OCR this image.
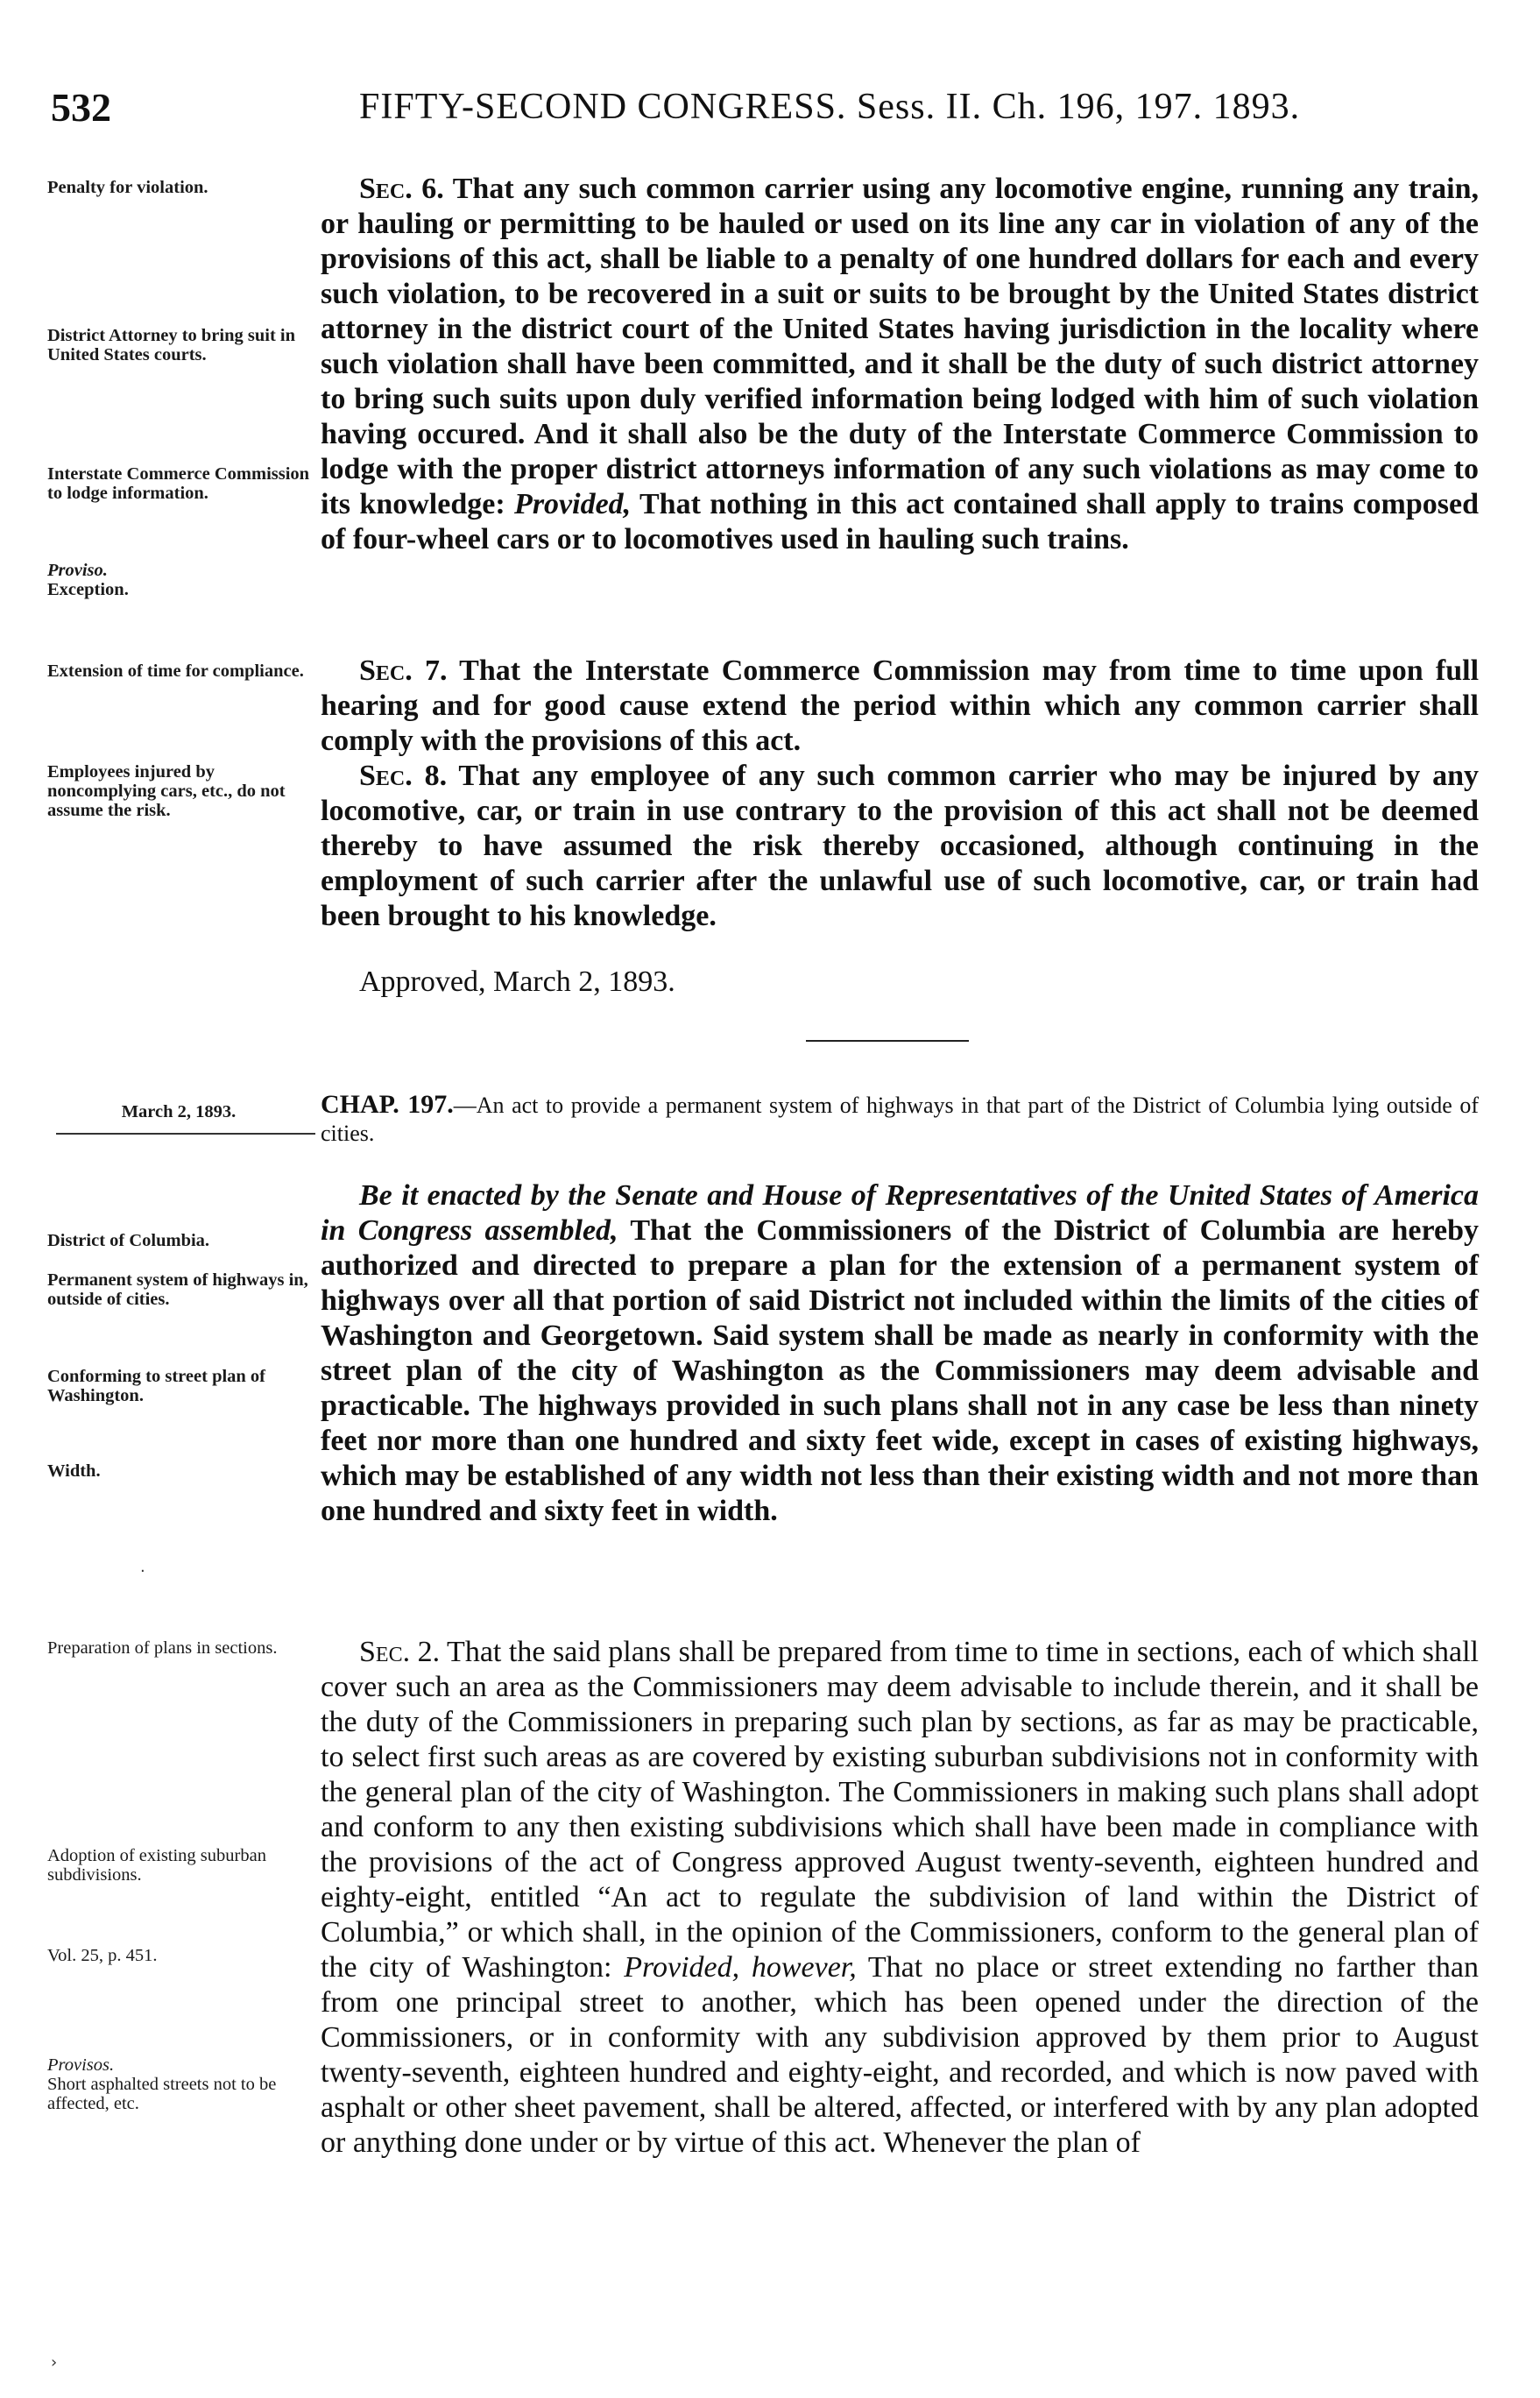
532	FIFTY-SECOND CONGRESS. Sess. II. Ch. 196, 197. 1893.
Penalty for violation.
District Attorney to bring suit in United States courts.
Interstate Commerce Commission to lodge information.
Proviso.
Exception.
Extension of time for compliance.
Employees injured by noncomplying cars, etc., do not assume the risk.
March 2, 1893.
District of Columbia.
Permanent system of highways in, outside of cities.
Conforming to street plan of Washington.
Width.
·
Preparation of plans in sections.
Adoption of existing suburban subdivisions.
Vol. 25, p. 451.
Provisos.
Short asphalted streets not to be affected, etc.
Sec. 6. That any such common carrier using any locomotive engine, running any train, or hauling or permitting to be hauled or used on its line any car in violation of any of the provisions of this act, shall be liable to a penalty of one hundred dollars for each and every such violation, to be recovered in a suit or suits to be brought by the United States district attorney in the district court of the United States having jurisdiction in the locality where such violation shall have been committed, and it shall be the duty of such district attorney to bring such suits upon duly verified information being lodged with him of such violation having occured. And it shall also be the duty of the Interstate Commerce Commission to lodge with the proper district attorneys information of any such violations as may come to its knowledge: Provided, That nothing in this act contained shall apply to trains composed of four-wheel cars or to locomotives used in hauling such trains.
Sec. 7. That the Interstate Commerce Commission may from time to time upon full hearing and for good cause extend the period within which any common carrier shall comply with the provisions of this act.
Sec. 8. That any employee of any such common carrier who may be injured by any locomotive, car, or train in use contrary to the provision of this act shall not be deemed thereby to have assumed the risk thereby occasioned, although continuing in the employment of such carrier after the unlawful use of such locomotive, car, or train had been brought to his knowledge.
Approved, March 2, 1893.
CHAP. 197.—An act to provide a permanent system of highways in that part of the District of Columbia lying outside of cities.
Be it enacted by the Senate and House of Representatives of the United States of America in Congress assembled, That the Commissioners of the District of Columbia are hereby authorized and directed to prepare a plan for the extension of a permanent system of highways over all that portion of said District not included within the limits of the cities of Washington and Georgetown. Said system shall be made as nearly in conformity with the street plan of the city of Washington as the Commissioners may deem advisable and practicable. The highways provided in such plans shall not in any case be less than ninety feet nor more than one hundred and sixty feet wide, except in cases of existing highways, which may be established of any width not less than their existing width and not more than one hundred and sixty feet in width.
Sec. 2. That the said plans shall be prepared from time to time in sections, each of which shall cover such an area as the Commissioners may deem advisable to include therein, and it shall be the duty of the Commissioners in preparing such plan by sections, as far as may be practicable, to select first such areas as are covered by existing suburban subdivisions not in conformity with the general plan of the city of Washington. The Commissioners in making such plans shall adopt and conform to any then existing subdivisions which shall have been made in compliance with the provisions of the act of Congress approved August twenty-seventh, eighteen hundred and eighty-eight, entitled “An act to regulate the subdivision of land within the District of Columbia,” or which shall, in the opinion of the Commissioners, conform to the general plan of the city of Washington: Provided, however, That no place or street extending no farther than from one principal street to another, which has been opened under the direction of the Commissioners, or in conformity with any subdivision approved by them prior to August twenty-seventh, eighteen hundred and eighty-eight, and recorded, and which is now paved with asphalt or other sheet pavement, shall be altered, affected, or interfered with by any plan adopted or anything done under or by virtue of this act. Whenever the plan of
›
